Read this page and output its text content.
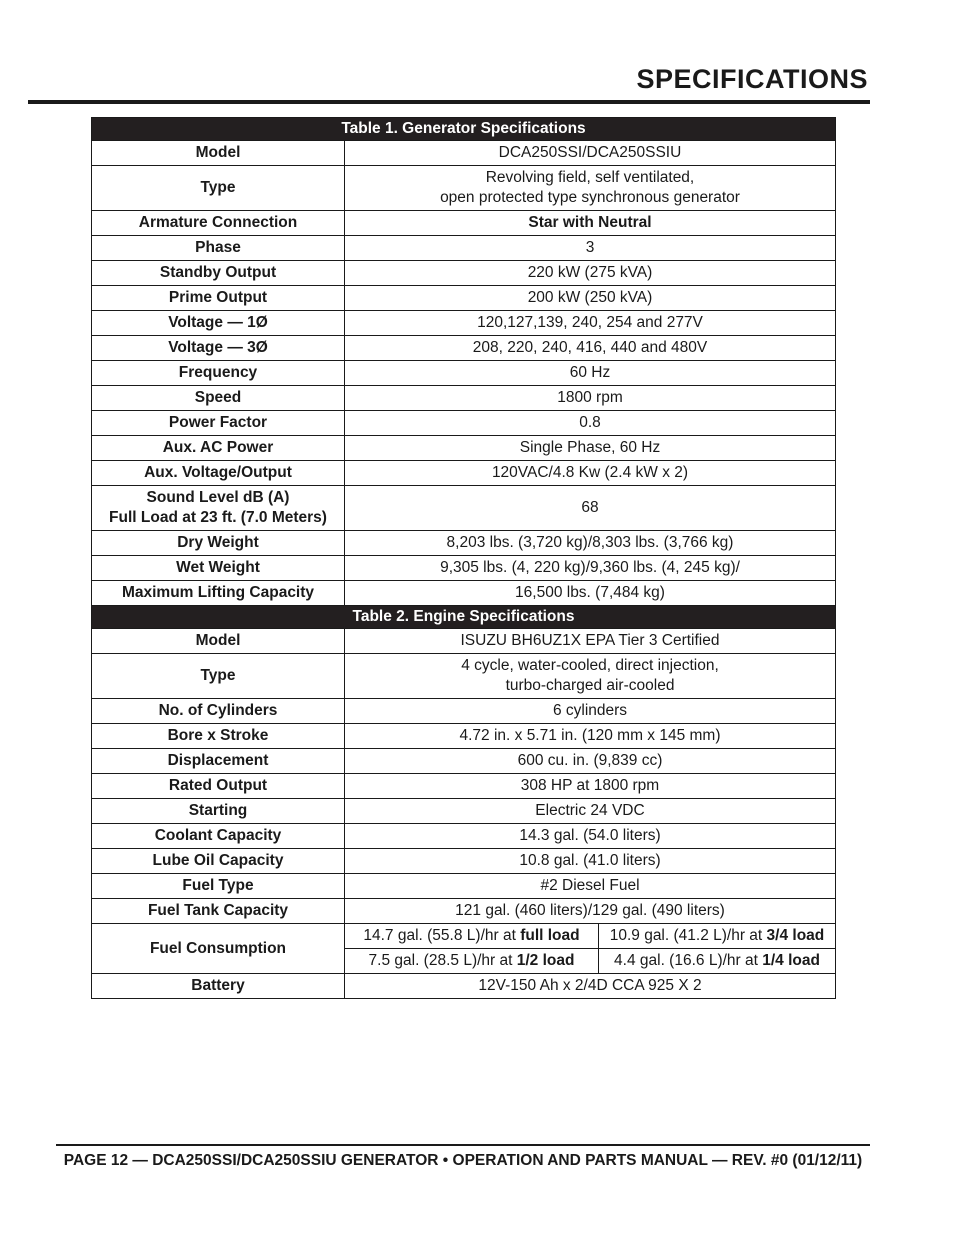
SPECIFICATIONS
Table 1. Generator Specifications		
Model	DCA250SSI/DCA250SSIU	
Type	Revolving field, self ventilated,
open protected type synchronous generator	

Armature Connection	Star with Neutral	
Phase	3	
Standby Output	220 kW (275 kVA)	
Prime Output	200 kW (250 kVA)	
Voltage — 1Ø	120,127,139, 240, 254 and 277V	
Voltage — 3Ø	208, 220, 240, 416, 440 and 480V	
Frequency	60 Hz	
Speed	1800 rpm	
Power Factor	0.8	
Aux. AC Power	Single Phase, 60 Hz	
Aux. Voltage/Output	120VAC/4.8 Kw (2.4 kW x 2)	

Sound Level dB (A)
Full Load at 23 ft. (7.0 Meters)	68	
Dry Weight	8,203 lbs. (3,720 kg)/8,303 lbs. (3,766 kg)	
Wet Weight	9,305 lbs. (4, 220 kg)/9,360 lbs. (4, 245 kg)/	
Maximum Lifting Capacity	16,500 lbs. (7,484 kg)	
Table 2. Engine Specifications		
Model	ISUZU BH6UZ1X EPA Tier 3 Certified	
Type	4 cycle, water-cooled, direct injection,
turbo-charged air-cooled	

No. of Cylinders	6 cylinders	
Bore x Stroke	4.72 in. x 5.71 in. (120 mm x 145 mm)	
Displacement	600 cu. in. (9,839 cc)	
Rated Output	308 HP at 1800 rpm	
Starting	Electric 24 VDC	
Coolant Capacity	14.3 gal. (54.0 liters)	
Lube Oil Capacity	10.8 gal. (41.0 liters)	
Fuel Type	#2 Diesel Fuel	
Fuel Tank Capacity	121 gal. (460 liters)/129 gal. (490 liters)	
Fuel Consumption	14.7 gal. (55.8 L)/hr at full load	10.9 gal. (41.2 L)/hr at 3/4 load
	7.5 gal. (28.5 L)/hr at 1/2 load	4.4 gal. (16.6 L)/hr at 1/4 load
Battery	12V-150 Ah x 2/4D CCA 925 X 2	
PAGE 12 — DCA250SSI/DCA250SSIU GENERATOR • OPERATION AND PARTS MANUAL — REV. #0 (01/12/11)
